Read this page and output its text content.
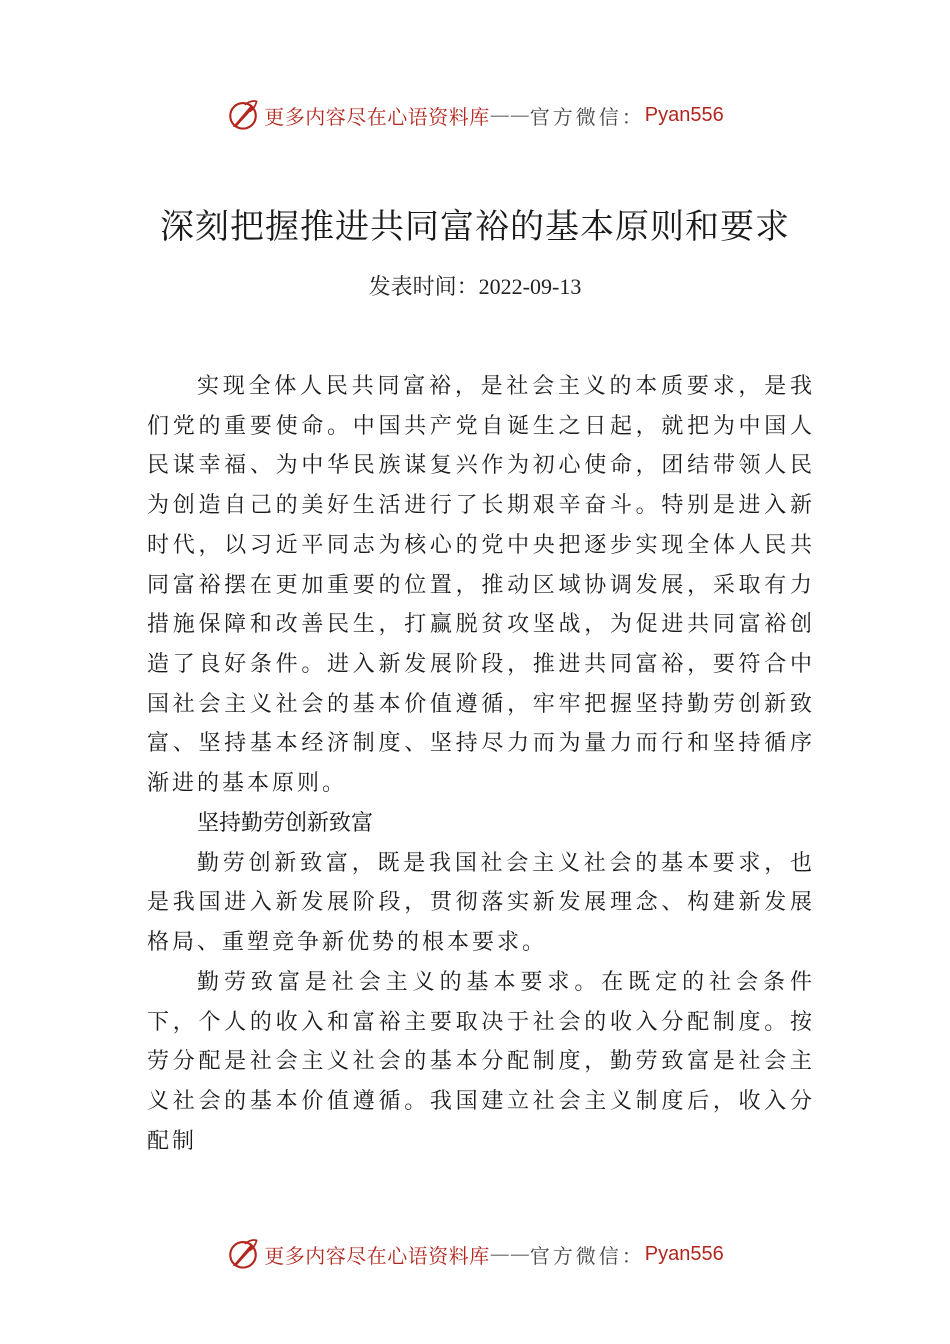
更多内容尽在心语资料库 —— 官方微信： Pyan556
深刻把握推进共同富裕的基本原则和要求
发表时间：2022-09-13

实现全体人民共同富裕，是社会主义的本质要求，是我们党的重要使命。中国共产党自诞生之日起，就把为中国人民谋幸福、为中华民族谋复兴作为初心使命，团结带领人民为创造自己的美好生活进行了长期艰辛奋斗。特别是进入新时代，以习近平同志为核心的党中央把逐步实现全体人民共同富裕摆在更加重要的位置，推动区域协调发展，采取有力措施保障和改善民生，打赢脱贫攻坚战，为促进共同富裕创造了良好条件。进入新发展阶段，推进共同富裕，要符合中国社会主义社会的基本价值遵循，牢牢把握坚持勤劳创新致富、坚持基本经济制度、坚持尽力而为量力而行和坚持循序渐进的基本原则。

坚持勤劳创新致富

勤劳创新致富，既是我国社会主义社会的基本要求，也是我国进入新发展阶段，贯彻落实新发展理念、构建新发展格局、重塑竞争新优势的根本要求。

勤劳致富是社会主义的基本要求。在既定的社会条件下，个人的收入和富裕主要取决于社会的收入分配制度。按劳分配是社会主义社会的基本分配制度，勤劳致富是社会主义社会的基本价值遵循。我国建立社会主义制度后，收入分配制

更多内容尽在心语资料库 —— 官方微信： Pyan556
